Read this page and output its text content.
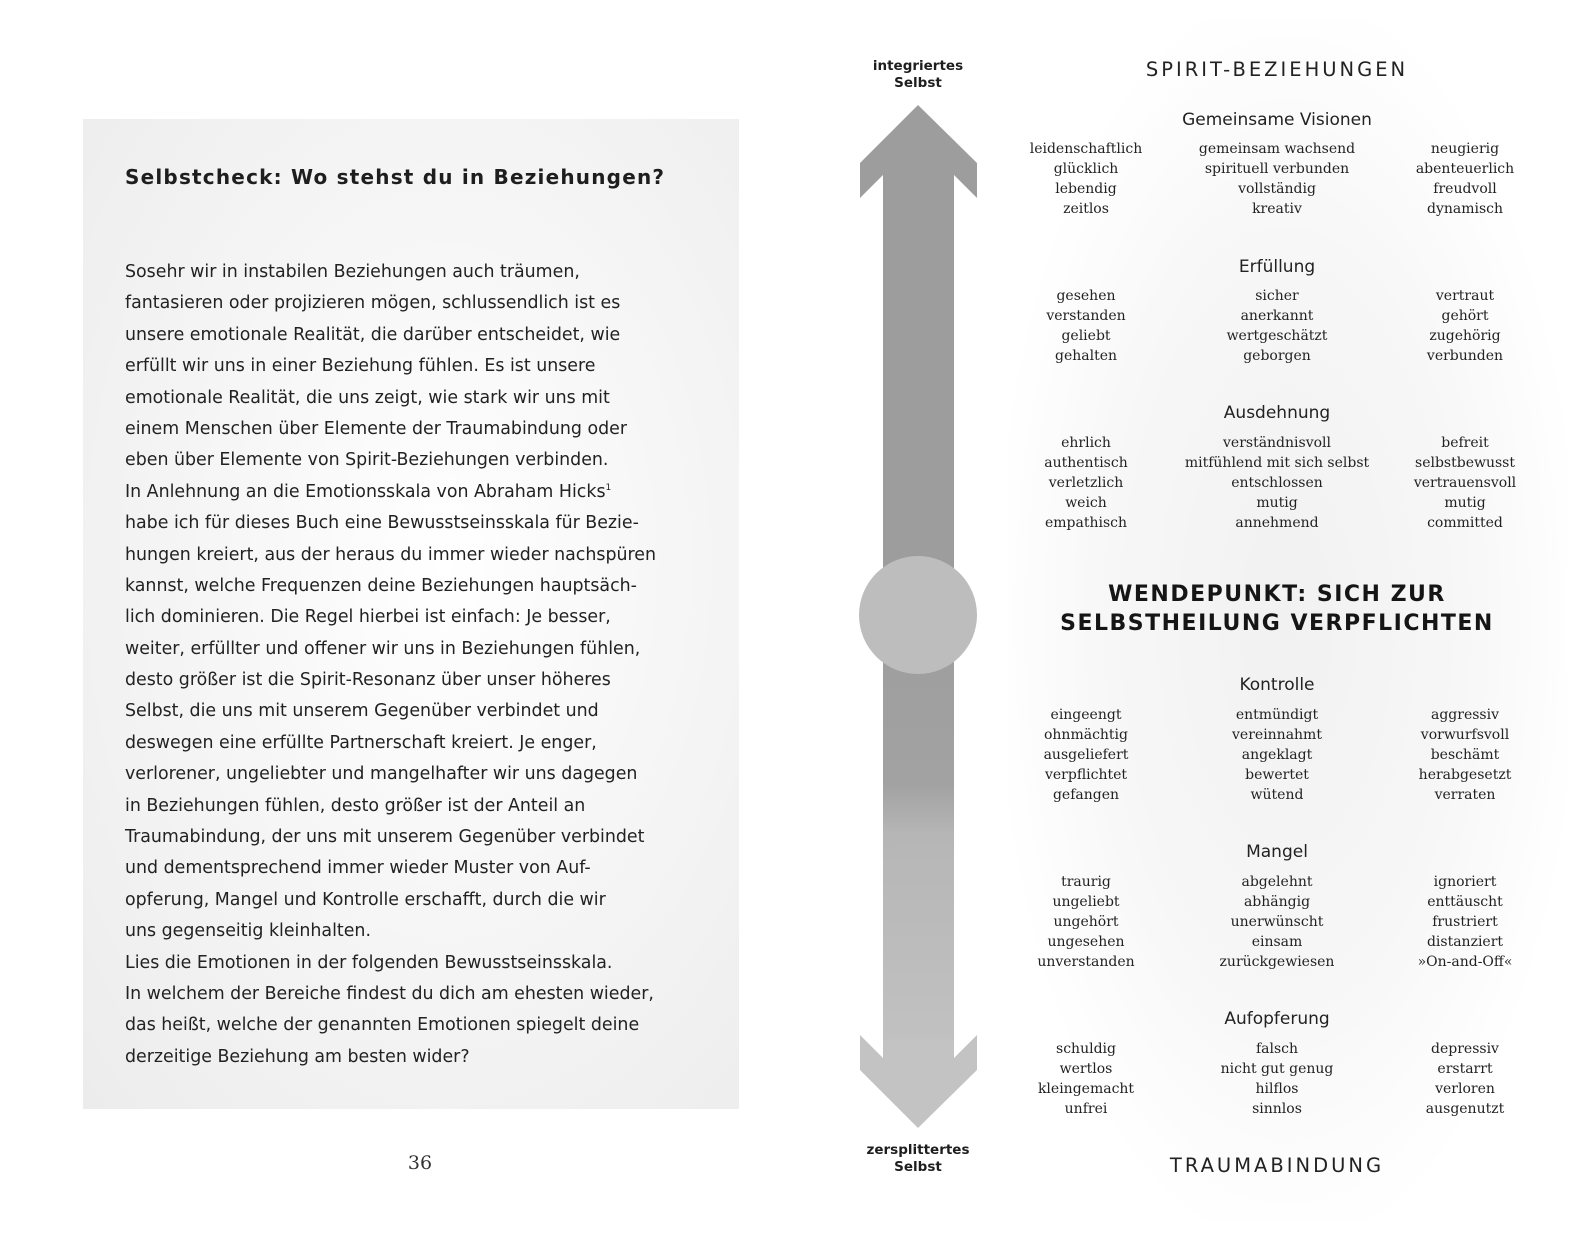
Selbstcheck: Wo stehst du in Beziehungen?
Sosehr wir in instabilen Beziehungen auch träumen,
fantasieren oder projizieren mögen, schlussendlich ist es
unsere emotionale Realität, die darüber entscheidet, wie
erfüllt wir uns in einer Beziehung fühlen. Es ist unsere
emotionale Realität, die uns zeigt, wie stark wir uns mit
einem Menschen über Elemente der Traumabindung oder
eben über Elemente von Spirit-Beziehungen verbinden.
In Anlehnung an die Emotionsskala von Abraham Hicks$^1$
habe ich für dieses Buch eine Bewusstseinsskala für Bezie-
hungen kreiert, aus der heraus du immer wieder nachspüren
kannst, welche Frequenzen deine Beziehungen hauptsäch-
lich dominieren. Die Regel hierbei ist einfach: Je besser,
weiter, erfüllter und offener wir uns in Beziehungen fühlen,
desto größer ist die Spirit-Resonanz über unser höheres
Selbst, die uns mit unserem Gegenüber verbindet und
deswegen eine erfüllte Partnerschaft kreiert. Je enger,
verlorener, ungeliebter und mangelhafter wir uns dagegen
in Beziehungen fühlen, desto größer ist der Anteil an
Traumabindung, der uns mit unserem Gegenüber verbindet
und dementsprechend immer wieder Muster von Auf-
opferung, Mangel und Kontrolle erschafft, durch die wir
uns gegenseitig kleinhalten.
Lies die Emotionen in der folgenden Bewusstseinsskala.
In welchem der Bereiche findest du dich am ehesten wieder,
das heißt, welche der genannten Emotionen spiegelt deine
derzeitige Beziehung am besten wider?
36
integriertes
Selbst
zersplittertes
Selbst
SPIRIT-BEZIEHUNGEN
Gemeinsame Visionen
leidenschaftlich
glücklich
lebendig
zeitlos
gemeinsam wachsend
spirituell verbunden
vollständig
kreativ
neugierig
abenteuerlich
freudvoll
dynamisch
Erfüllung
gesehen
verstanden
geliebt
gehalten
sicher
anerkannt
wertgeschätzt
geborgen
vertraut
gehört
zugehörig
verbunden
Ausdehnung
ehrlich
authentisch
verletzlich
weich
empathisch
verständnisvoll
mitfühlend mit sich selbst
entschlossen
mutig
annehmend
befreit
selbstbewusst
vertrauensvoll
mutig
committed
WENDEPUNKT: SICH ZUR
SELBSTHEILUNG VERPFLICHTEN
Kontrolle
eingeengt
ohnmächtig
ausgeliefert
verpflichtet
gefangen
entmündigt
vereinnahmt
angeklagt
bewertet
wütend
aggressiv
vorwurfsvoll
beschämt
herabgesetzt
verraten
Mangel
traurig
ungeliebt
ungehört
ungesehen
unverstanden
abgelehnt
abhängig
unerwünscht
einsam
zurückgewiesen
ignoriert
enttäuscht
frustriert
distanziert
»On-and-Off«
Aufopferung
schuldig
wertlos
kleingemacht
unfrei
falsch
nicht gut genug
hilflos
sinnlos
depressiv
erstarrt
verloren
ausgenutzt
TRAUMABINDUNG
